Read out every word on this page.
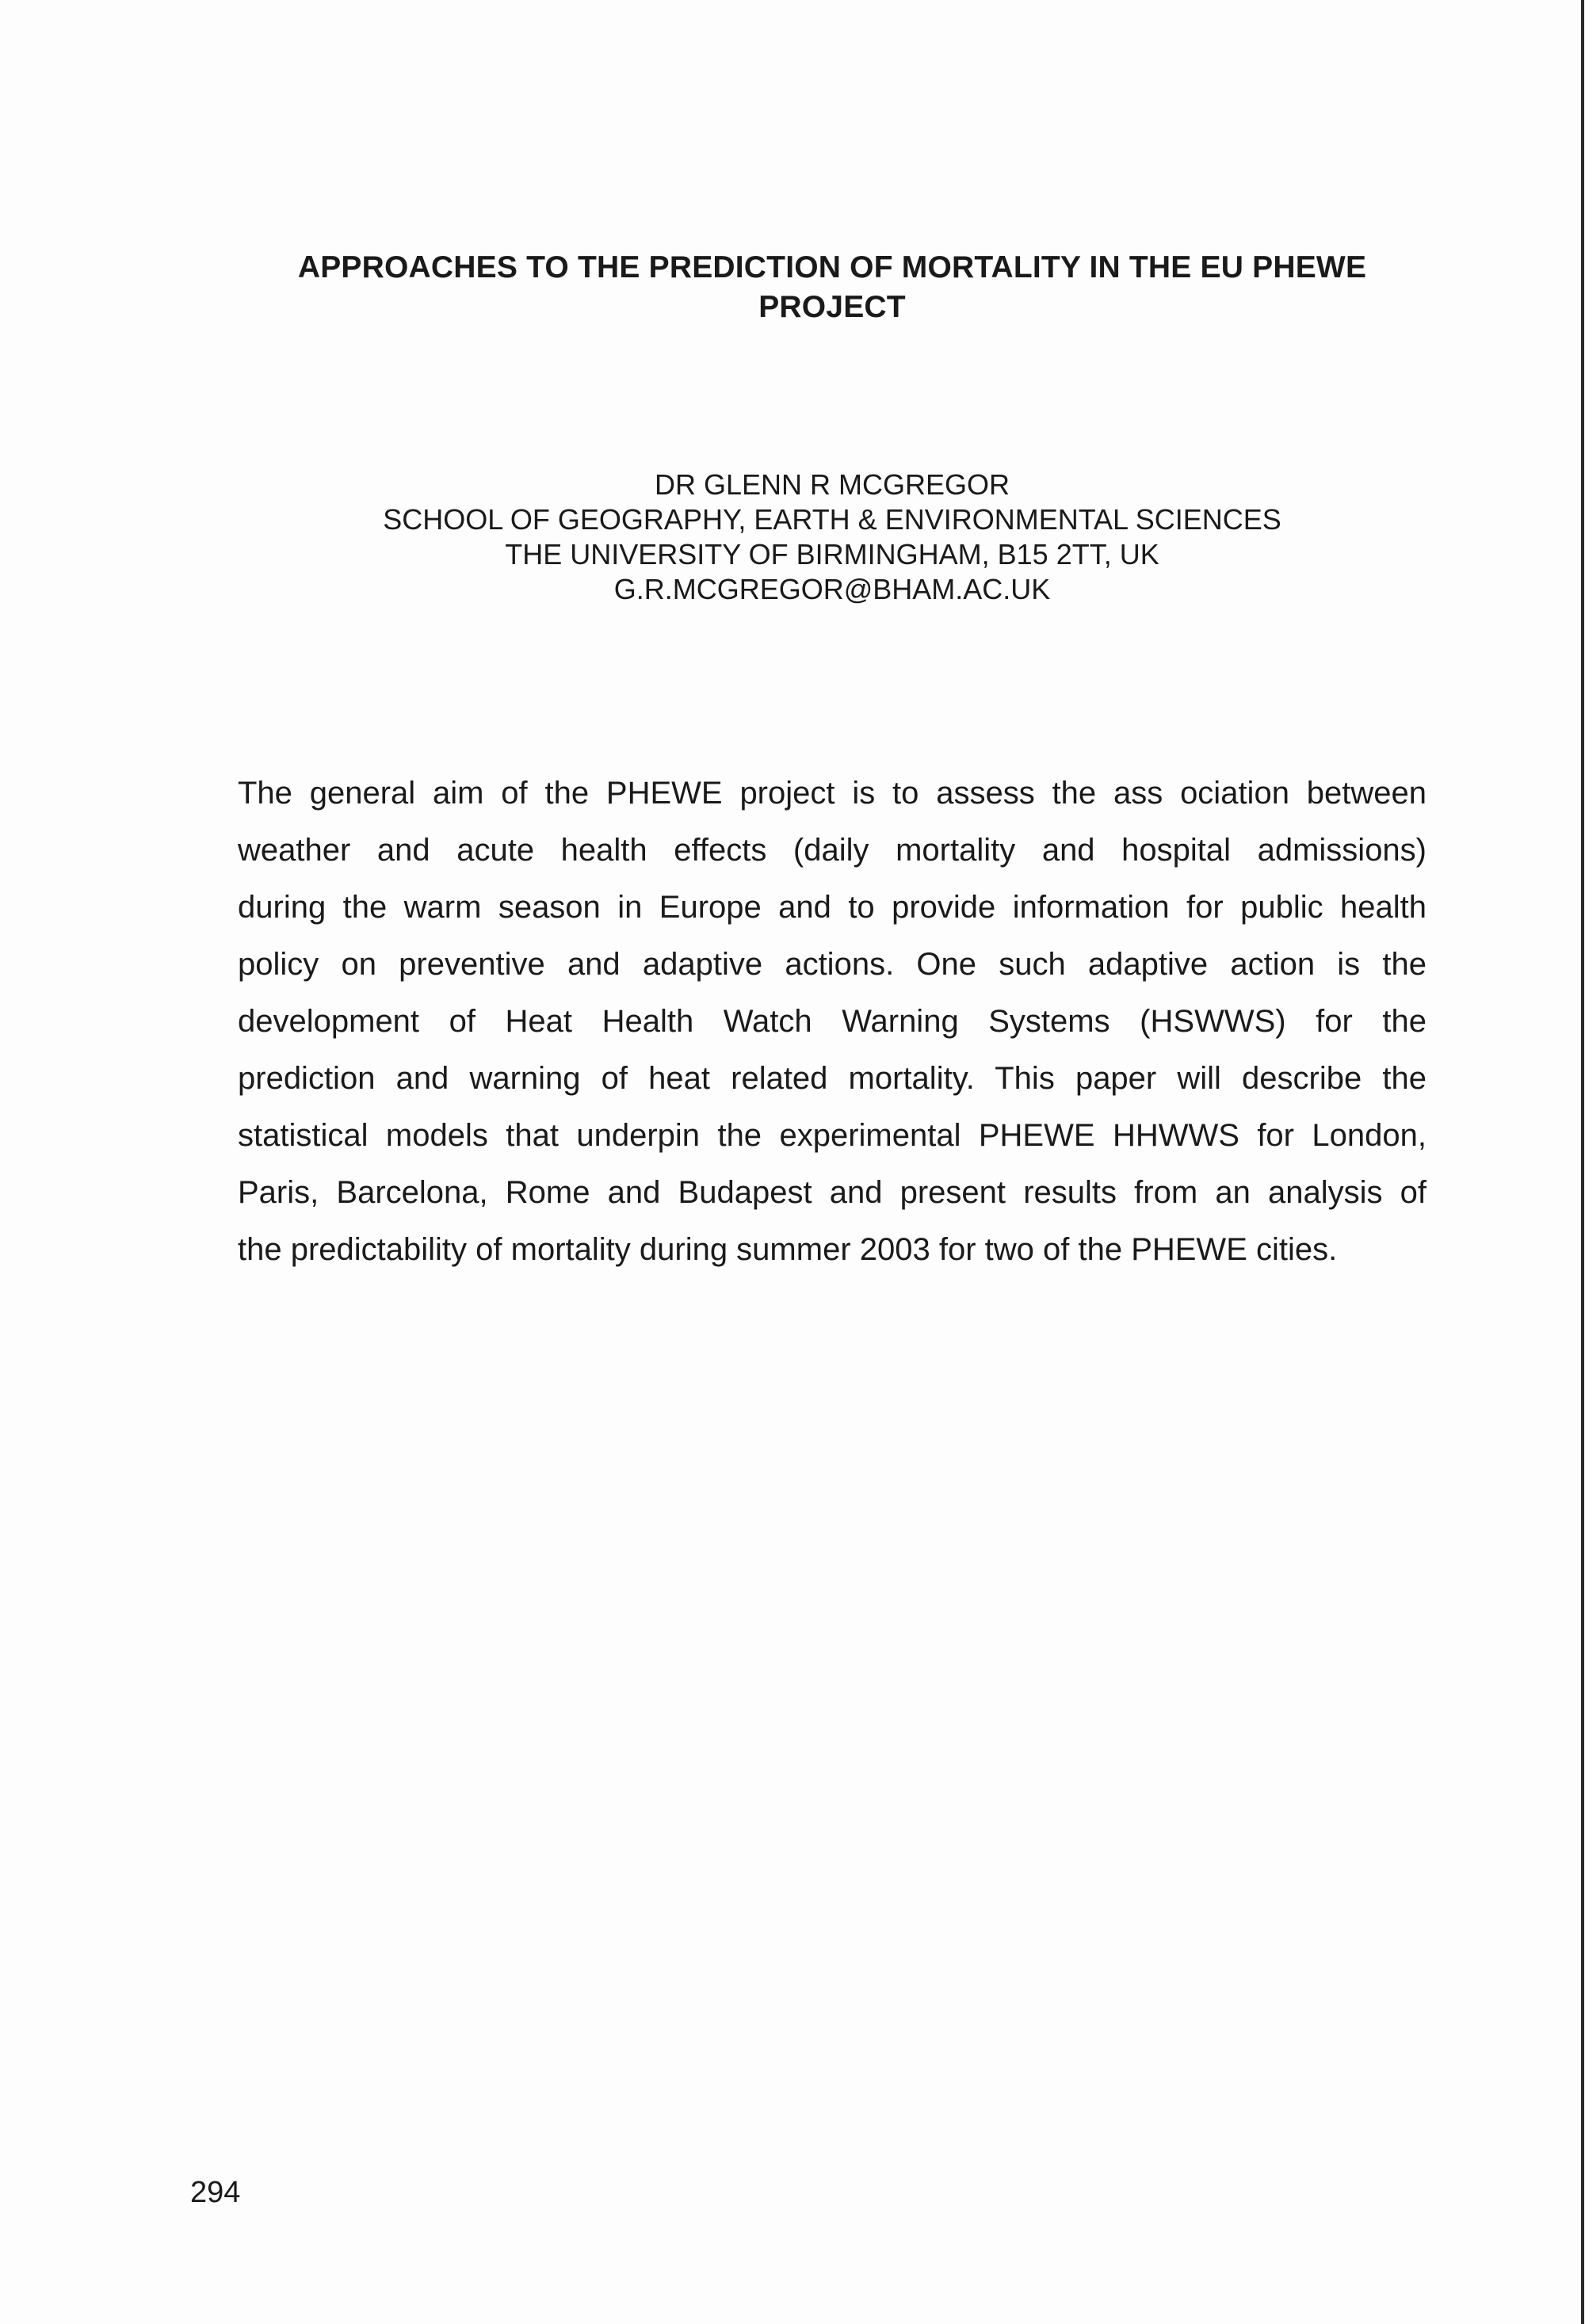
APPROACHES TO THE PREDICTION OF MORTALITY IN THE EU PHEWE
PROJECT
DR GLENN R MCGREGOR
SCHOOL OF GEOGRAPHY, EARTH & ENVIRONMENTAL SCIENCES
THE UNIVERSITY OF BIRMINGHAM, B15 2TT, UK
G.R.MCGREGOR@BHAM.AC.UK
The general aim of the PHEWE project is to assess the ass ociation between
weather and acute health effects (daily mortality and hospital admissions)
during the warm season in Europe and to provide information for public health
policy on preventive and adaptive actions. One such adaptive action is the
development of Heat Health Watch Warning Systems (HSWWS) for the
prediction and warning of heat related mortality. This paper will describe the
statistical models that underpin the experimental PHEWE HHWWS for London,
Paris, Barcelona, Rome and Budapest and present results from an analysis of
the predictability of mortality during summer 2003 for two of the PHEWE cities.
294
